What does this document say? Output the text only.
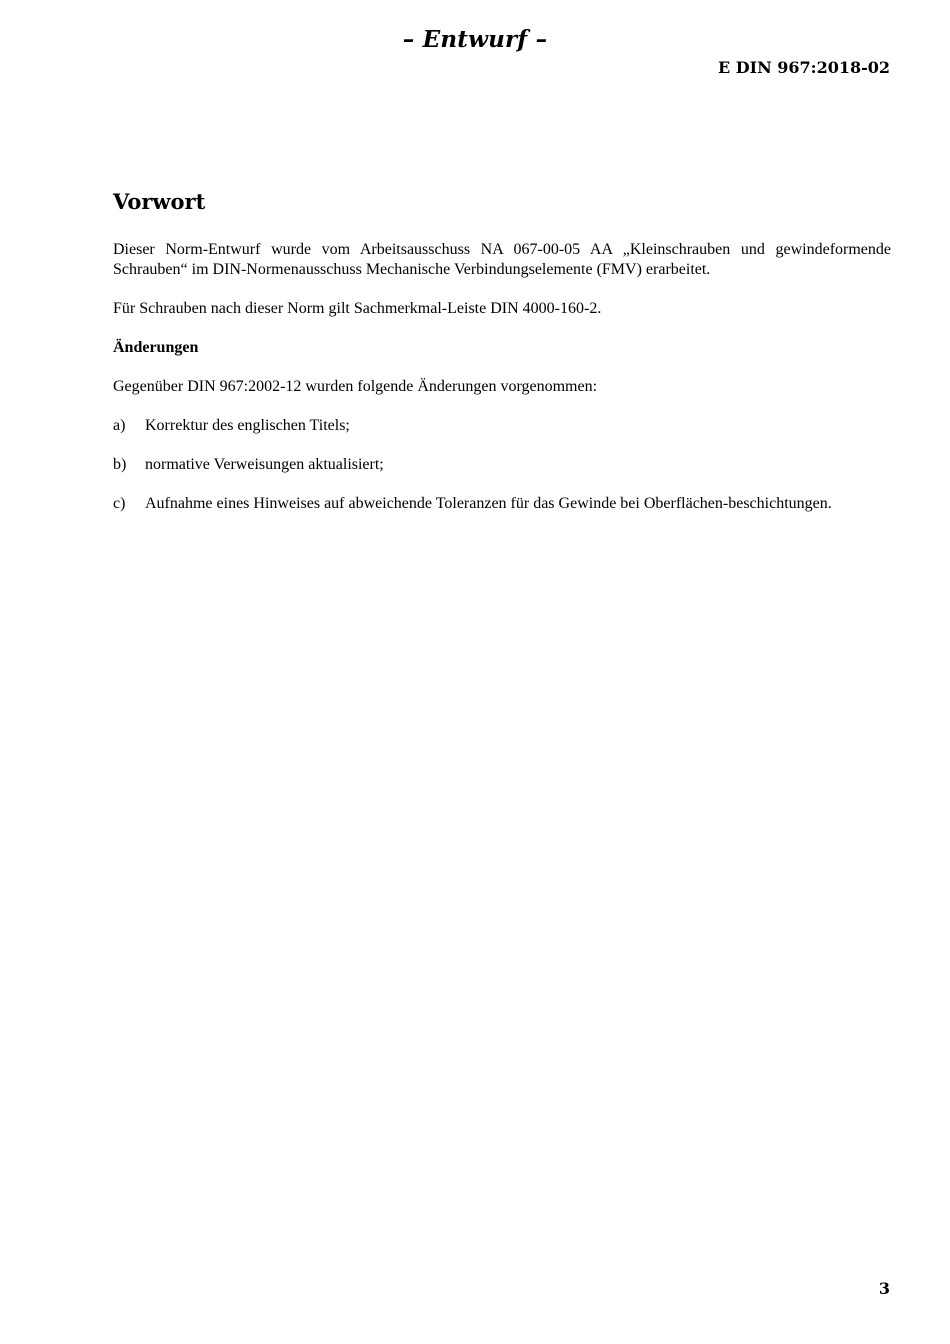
– Entwurf –
E DIN 967:2018-02
Vorwort

Dieser Norm-Entwurf wurde vom Arbeitsausschuss NA 067-00-05 AA „Kleinschrauben und gewindeformende Schrauben“ im DIN-Normenausschuss Mechanische Verbindungselemente (FMV) erarbeitet.

Für Schrauben nach dieser Norm gilt Sachmerkmal-Leiste DIN 4000-160-2.

Änderungen

Gegenüber DIN 967:2002-12 wurden folgende Änderungen vorgenommen:

a)	Korrektur des englischen Titels;
b)	normative Verweisungen aktualisiert;
c)	Aufnahme eines Hinweises auf abweichende Toleranzen für das Gewinde bei Oberflächen-beschichtungen.
3
